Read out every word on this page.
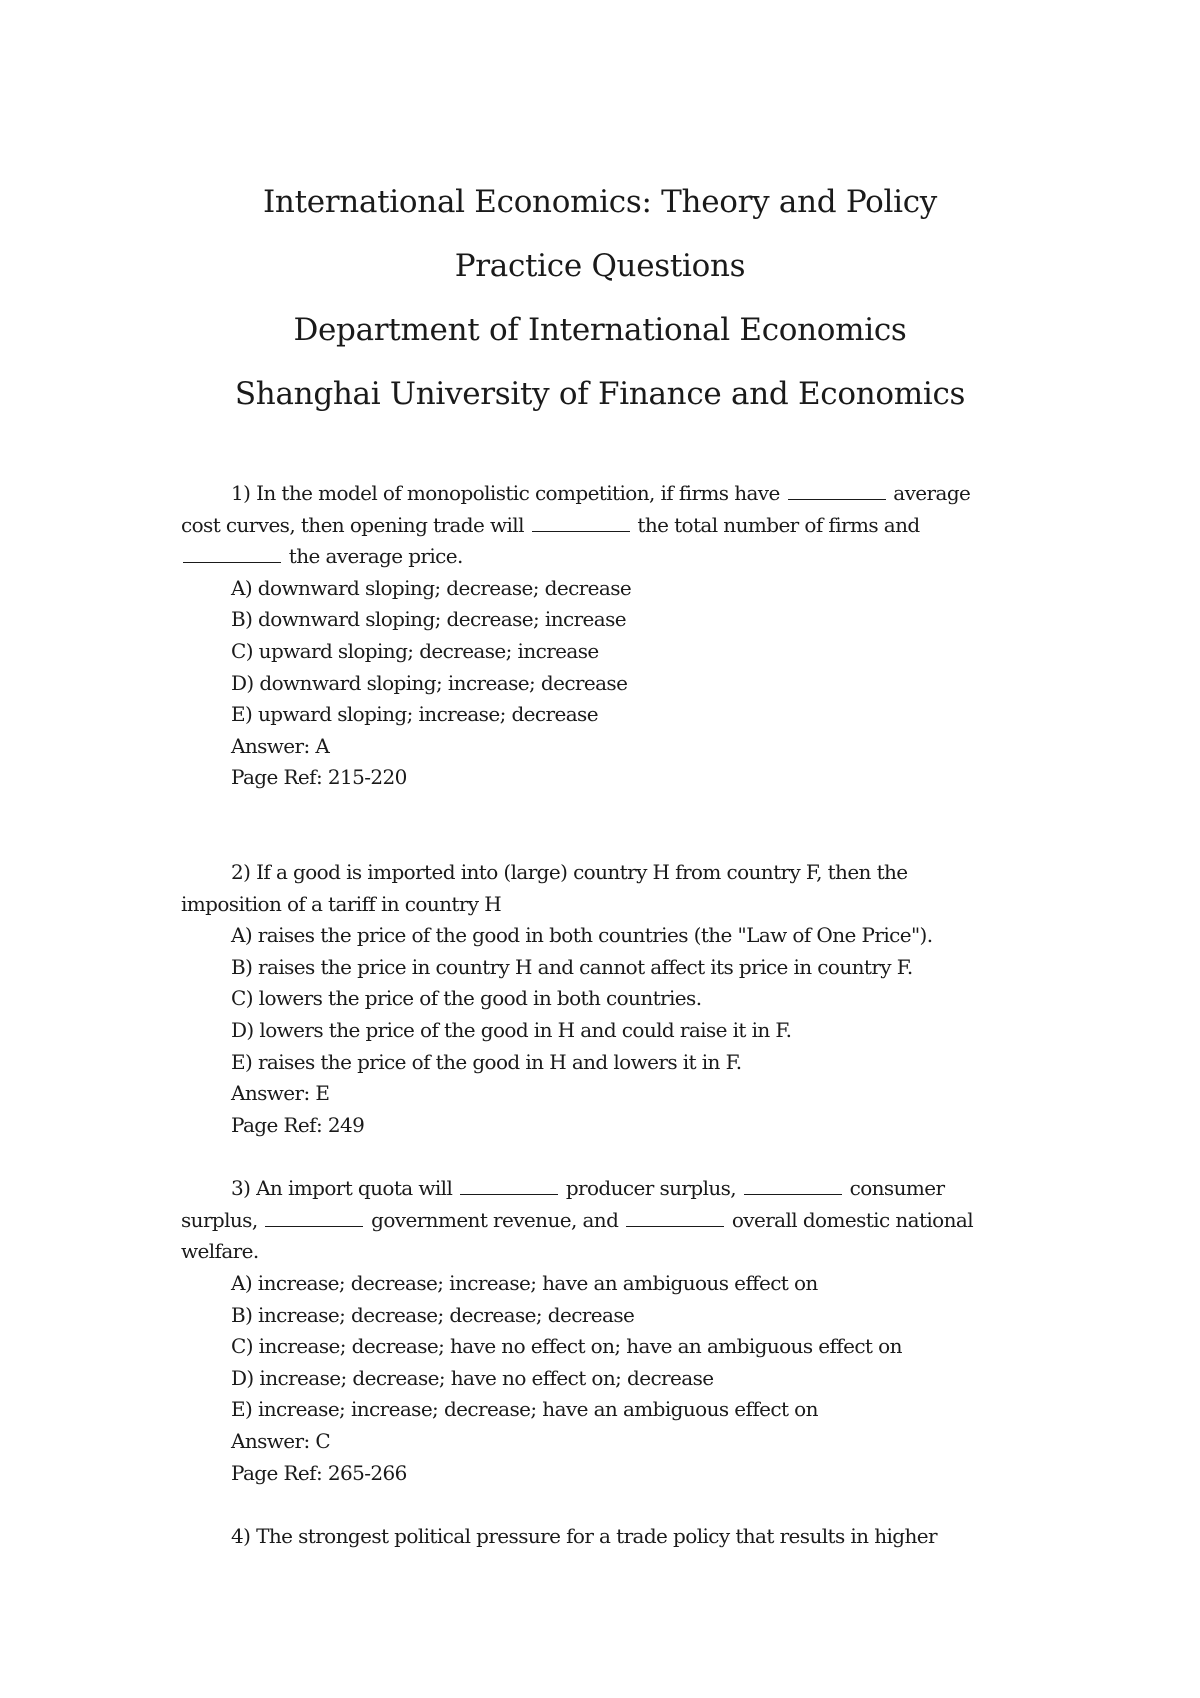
International Economics: Theory and Policy
Practice Questions
Department of International Economics
Shanghai University of Finance and Economics
1) In the model of monopolistic competition, if firms have	average cost curves, then opening trade will	the total number of firms and  the average price.
A) downward sloping; decrease; decrease
B) downward sloping; decrease; increase
C) upward sloping; decrease; increase
D) downward sloping; increase; decrease
E) upward sloping; increase; decrease
Answer: A
Page Ref: 215-220
2) If a good is imported into (large) country H from country F, then the imposition of a tariff in country H
A) raises the price of the good in both countries (the "Law of One Price").
B) raises the price in country H and cannot affect its price in country F.
C) lowers the price of the good in both countries.
D) lowers the price of the good in H and could raise it in F.
E) raises the price of the good in H and lowers it in F.
Answer: E
Page Ref: 249
3) An import quota will	producer surplus,	consumer surplus,	government revenue, and	overall domestic national welfare.
A) increase; decrease; increase; have an ambiguous effect on
B) increase; decrease; decrease; decrease
C) increase; decrease; have no effect on; have an ambiguous effect on
D) increase; decrease; have no effect on; decrease
E) increase; increase; decrease; have an ambiguous effect on
Answer: C
Page Ref: 265-266
4) The strongest political pressure for a trade policy that results in higher
